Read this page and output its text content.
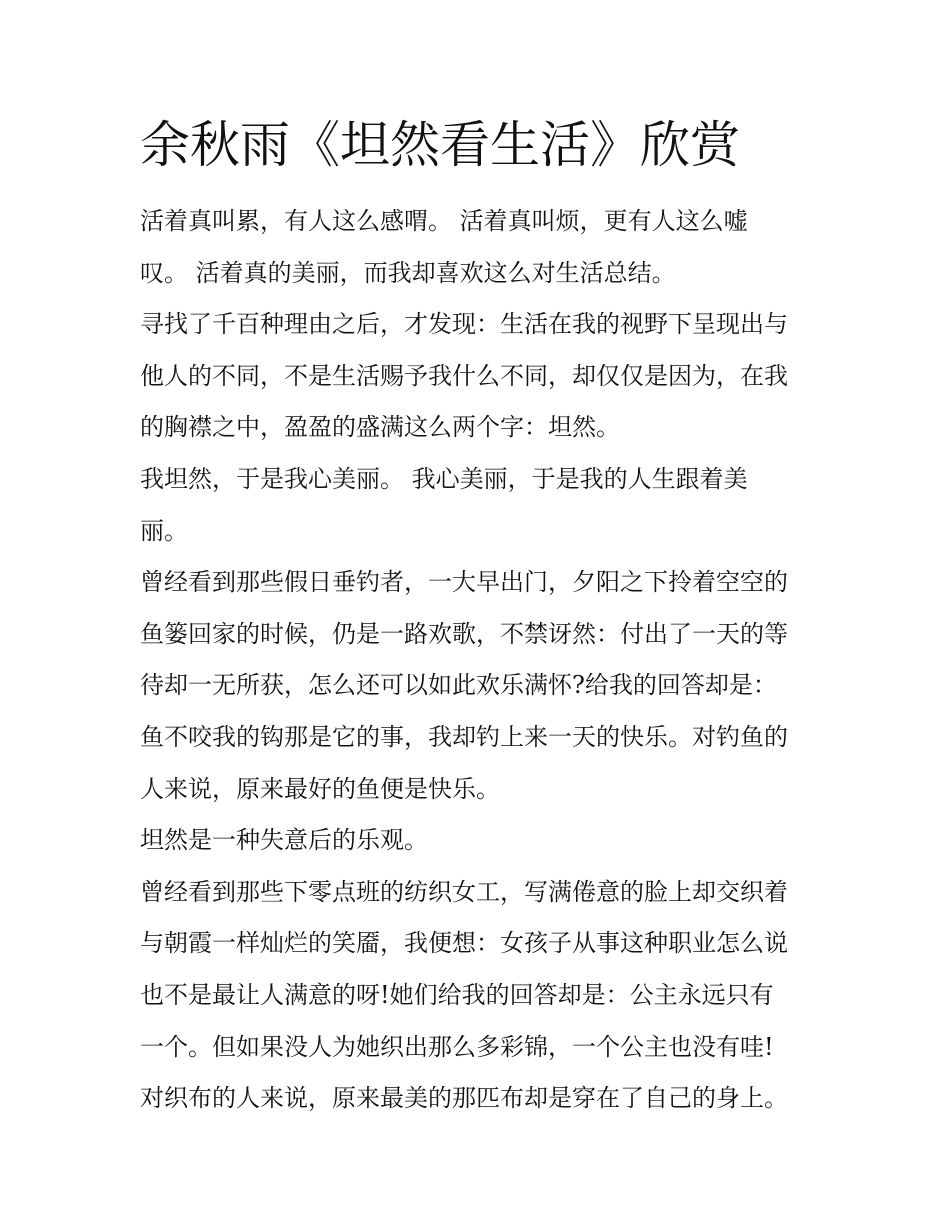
余秋雨《坦然看生活》欣赏
活着真叫累，有人这么感喟。 活着真叫烦，更有人这么嘘
叹。 活着真的美丽，而我却喜欢这么对生活总结。
寻找了千百种理由之后，才发现：生活在我的视野下呈现出与
他人的不同，不是生活赐予我什么不同，却仅仅是因为，在我
的胸襟之中，盈盈的盛满这么两个字：坦然。
我坦然，于是我心美丽。 我心美丽，于是我的人生跟着美
丽。
曾经看到那些假日垂钓者，一大早出门，夕阳之下拎着空空的
鱼篓回家的时候，仍是一路欢歌，不禁讶然：付出了一天的等
待却一无所获，怎么还可以如此欢乐满怀?给我的回答却是：
鱼不咬我的钩那是它的事，我却钓上来一天的快乐。对钓鱼的
人来说，原来最好的鱼便是快乐。
坦然是一种失意后的乐观。
曾经看到那些下零点班的纺织女工，写满倦意的脸上却交织着
与朝霞一样灿烂的笑靥，我便想：女孩子从事这种职业怎么说
也不是最让人满意的呀!她们给我的回答却是：公主永远只有
一个。但如果没人为她织出那么多彩锦，一个公主也没有哇!
对织布的人来说，原来最美的那匹布却是穿在了自己的身上。
